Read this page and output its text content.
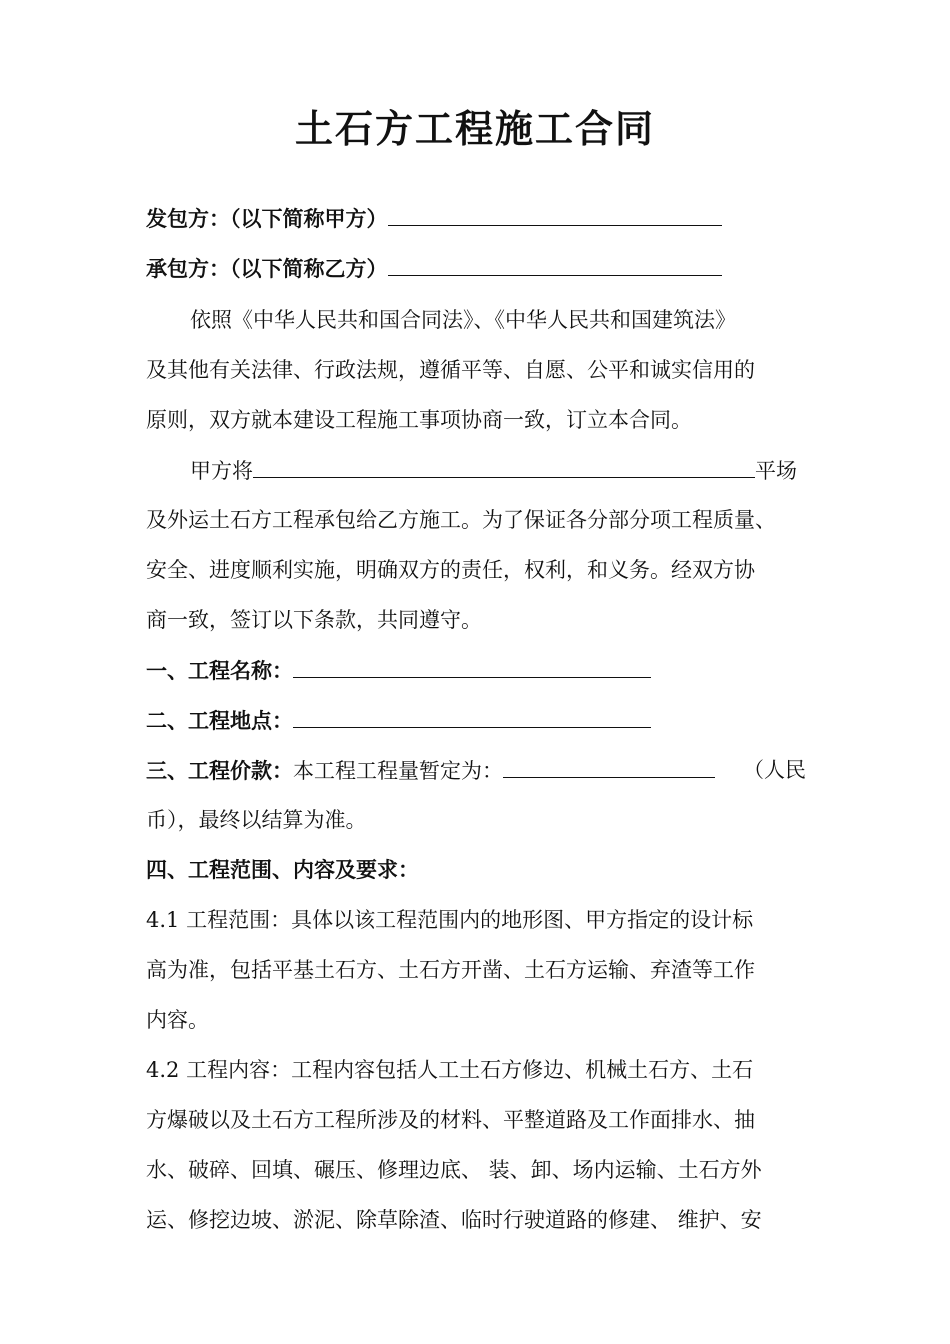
土石方工程施工合同
发包方：（以下简称甲方）
承包方：（以下简称乙方）
依照《中华人民共和国合同法》、《中华人民共和国建筑法》
及其他有关法律、行政法规，遵循平等、自愿、公平和诚实信用的
原则，双方就本建设工程施工事项协商一致，订立本合同。
甲方将	平场
及外运土石方工程承包给乙方施工。为了保证各分部分项工程质量、
安全、进度顺利实施，明确双方的责任，权利，和义务。经双方协
商一致，签订以下条款，共同遵守。
一、工程名称：
二、工程地点：
三、工程价款：本工程工程量暂定为：	（人民
币），最终以结算为准。
四、工程范围、内容及要求：
4.1 工程范围：具体以该工程范围内的地形图、甲方指定的设计标
高为准，包括平基土石方、土石方开凿、土石方运输、弃渣等工作
内容。
4.2 工程内容：工程内容包括人工土石方修边、机械土石方、土石
方爆破以及土石方工程所涉及的材料、平整道路及工作面排水、抽
水、破碎、回填、碾压、修理边底、 装、卸、场内运输、土石方外
运、修挖边坡、淤泥、除草除渣、临时行驶道路的修建、 维护、安
